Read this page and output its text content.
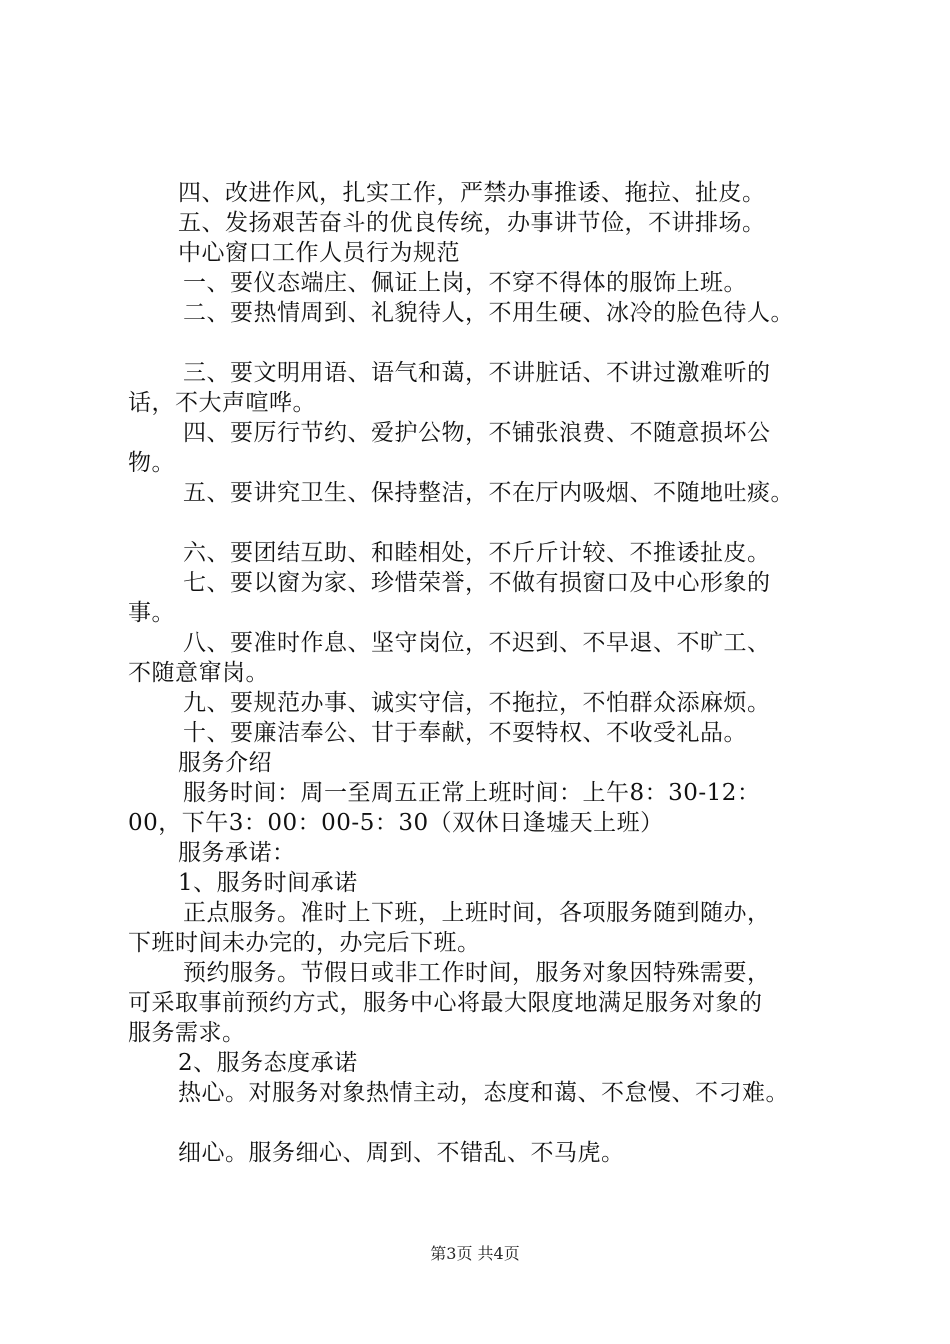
四、改进作风，扎实工作，严禁办事推诿、拖拉、扯皮。
五、发扬艰苦奋斗的优良传统，办事讲节俭，不讲排场。
中心窗口工作人员行为规范
一、要仪态端庄、佩证上岗，不穿不得体的服饰上班。
二、要热情周到、礼貌待人，不用生硬、冰冷的脸色待人。
三、要文明用语、语气和蔼，不讲脏话、不讲过激难听的
话，不大声喧哗。
四、要厉行节约、爱护公物，不铺张浪费、不随意损坏公
物。
五、要讲究卫生、保持整洁，不在厅内吸烟、不随地吐痰。
六、要团结互助、和睦相处，不斤斤计较、不推诿扯皮。
七、要以窗为家、珍惜荣誉，不做有损窗口及中心形象的
事。
八、要准时作息、坚守岗位，不迟到、不早退、不旷工、
不随意窜岗。
九、要规范办事、诚实守信，不拖拉，不怕群众添麻烦。
十、要廉洁奉公、甘于奉献，不耍特权、不收受礼品。
服务介绍
服务时间：周一至周五正常上班时间：上午8：30-12：
00，下午3：00：00-5：30（双休日逢墟天上班）
服务承诺：
1、服务时间承诺
正点服务。准时上下班，上班时间，各项服务随到随办，
下班时间未办完的，办完后下班。
预约服务。节假日或非工作时间，服务对象因特殊需要，
可采取事前预约方式，服务中心将最大限度地满足服务对象的
服务需求。
2、服务态度承诺
热心。对服务对象热情主动，态度和蔼、不怠慢、不刁难。
细心。服务细心、周到、不错乱、不马虎。
第3页 共4页
